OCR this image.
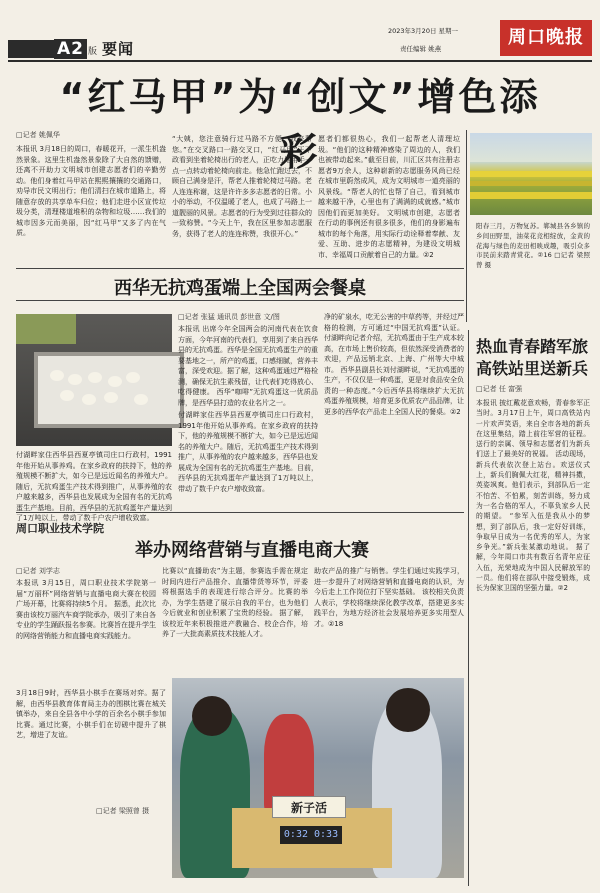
A2 版 要闻
2023年3月20日 星期一
责任编辑 姚燕
周口晚报
“红马甲”为“创文”增色添彩
□记者 姚佩华
本报讯 3月18日的周口，春暖花开，一派生机盎然景象。这里生机盎然景象除了大自然的馈赠，还离不开助力文明城市创建志愿者们的辛勤劳动。他们身着红马甲站在熙熙攘攘的交通路口，劝导市民文明出行；他们清扫在城市道路上，将随意存放的共享单车归位；他们走进小区宣传垃圾分类，清理楼道堆积的杂物和垃圾……我们的城市因多元而美丽，因“红马甲”又多了内在气质。
“大姨，您注意骑行过马路不方便，我来帮您。”在交叉路口一路交叉口，“红马甲”王下政看到坐着轮椅出行的老人，正吃力地用手一点一点转动着轮椅向前走。他急忙跑过去，不顾自己满身是汗，帮老人推着轮椅过马路。老人连连称谢，这是许许多多志愿者的日常。小小的举动，不仅温暖了老人，也成了马路上一道靓丽的风景。志愿者的行为受到过往群众的一致称赞。“今天上午，我在区里参加志愿服务，获得了老人的连连称赞，我很开心。”
愿者们都很热心，我们一起帮老人清理垃圾。“他们的这种精神感染了周边的人，我们也被带动起来。”截至目前，川汇区共有注册志愿者9万余人，这种崭新的志愿服务风尚已经在城市里蔚然成风，成为文明城市一道亮丽的风景线。“帮老人的忙也帮了自己，看到城市越来越干净，心里也有了满满的成就感。”城市因他们而更加美好。 文明城市创建，志愿者在行动的事例还有很多很多，他们的身影遍布城市的每个角落，用实际行动诠释着奉献、友爱、互助、进步的志愿精神，为建设文明城市、幸福周口贡献着自己的力量。②2
阳春三月，万物复苏。郸城县各乡镇的乡间田野里，油菜花竞相绽放，金黄的花海与绿色的麦田相映成趣，吸引众多市民前来踏青赏花。②16 □记者 梁照曾 摄
西华无抗鸡蛋端上全国两会餐桌
□记者 张猛 通讯员 彭世意 文/图
本报讯 出席今年全国两会的河南代表在饮食方面，今年河南的代表们，享用到了来自西华县的无抗鸡蛋。西华是全国无抗鸡蛋生产的重要基地之一，所产的鸡蛋，口感细腻，营养丰富，深受欢迎。据了解，这种鸡蛋通过严格检测，确保无抗生素残留，让代表们吃得放心、吃得健康。 西华“咖啡”无抗鸡蛋这一优质品牌，是西华县打造的农业名片之一。
付湖畔家住西华县西夏亭镇司庄口行政村，1991年他开始从事养鸡。在家乡政府的扶持下，他的养殖规模不断扩大，如今已是远近闻名的养殖大户。随后，无抗鸡蛋生产技术得到推广，从事养殖的农户越来越多，西华县也发展成为全国有名的无抗鸡蛋生产基地。目前，西华县的无抗鸡蛋年产量达到了1万吨以上，带动了数千户农户增收致富。
净的矿泉水，吃无公害的中草药等，并经过严格的检测，方可通过“中国无抗鸡蛋”认证。付湖畔向记者介绍，无抗鸡蛋由于生产成本较高，在市场上售价较高，但依然深受消费者的欢迎，产品远销北京、上海、广州等大中城市。 西华县副县长刘付湖畔说，“无抗鸡蛋的生产，不仅仅是一种鸡蛋，更是对食品安全负责的一种态度。”今后西华县将继续扩大无抗鸡蛋养殖规模，培育更多优质农产品品牌，让更多的西华农产品走上全国人民的餐桌。②2
付湖畔家住西华县西夏亭镇司庄口行政村，1991年他开始从事养鸡。在家乡政府的扶持下，他的养殖规模不断扩大，如今已是远近闻名的养殖大户。随后，无抗鸡蛋生产技术得到推广，从事养殖的农户越来越多，西华县也发展成为全国有名的无抗鸡蛋生产基地。目前，西华县的无抗鸡蛋年产量达到了1万吨以上，带动了数千户农户增收致富。
热血青春踏军旅 高铁站里送新兵
□记者 任 富强
本报讯 披红戴花意欢畅，青春参军正当时。3月17日上午，周口高铁站内一片欢声笑语，来自全市各地的新兵在这里集结，踏上前往军营的征程。送行的亲属、领导和志愿者们为新兵们送上了最美好的祝福。 活动现场，新兵代表依次登上站台。欢送仪式上，新兵们胸佩大红花，精神抖擞，英姿飒爽。他们表示，到部队后一定不怕苦、不怕累，刻苦训练，努力成为一名合格的军人，不辜负家乡人民的期望。 “参军入伍是我从小的梦想，到了部队后，我一定好好训练，争取早日成为一名优秀的军人，为家乡争光。”新兵张某激动地说。 据了解，今年周口市共有数百名青年应征入伍，光荣地成为中国人民解放军的一员。他们将在部队中接受锻炼，成长为保家卫国的坚强力量。②2
周口职业技术学院
举办网络营销与直播电商大赛
□记者 刘学志
本报讯 3月15日，周口职业技术学院第一届“万丽杯”网络营销与直播电商大赛在校园广场开幕，比赛将持续5个月。 据悉，此次比赛由该校万丽汽车商学院承办，吸引了来自各专业的学生踊跃报名参赛。比赛旨在提升学生的网络营销能力和直播电商实践能力。
比赛以“直播助农”为主题，参赛选手需在规定时间内进行产品推介、直播带货等环节，评委将根据选手的表现进行综合评分。比赛的举办，为学生搭建了展示自我的平台，也为他们今后就业和创业积累了宝贵的经验。 据了解，该校近年来积极推进产教融合、校企合作，培养了一大批高素质技术技能人才。
助农产品的推广与销售。学生们通过实践学习，进一步提升了对网络营销和直播电商的认识，为今后走上工作岗位打下坚实基础。 该校相关负责人表示，学校将继续深化教学改革，搭建更多实践平台，为地方经济社会发展培养更多实用型人才。②18
3月18日9时，西华县小棋手在赛场对弈。据了解，由西华县教育体育局主办的围棋比赛在城关镇举办，来自全县各中小学的百余名小棋手参加比赛。通过比赛，小棋手们在切磋中提升了棋艺，增进了友谊。
□记者 梁照曾 摄	新子活
0:32 0:33
